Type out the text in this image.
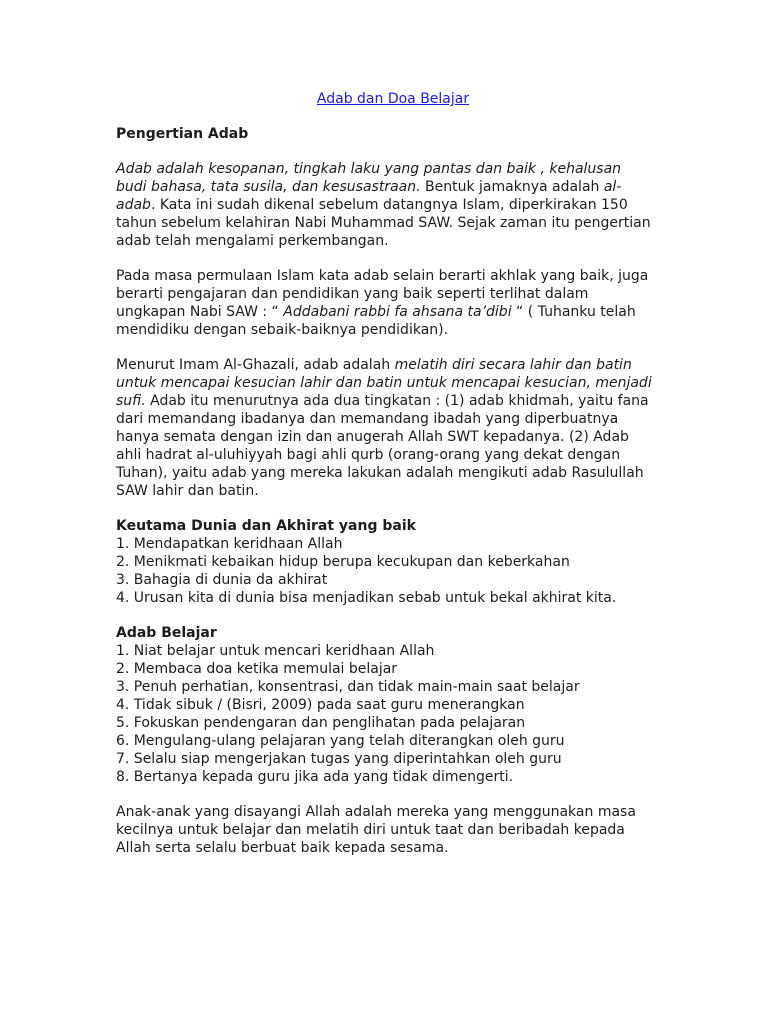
Adab dan Doa Belajar
Pengertian Adab

Adab adalah kesopanan, tingkah laku yang pantas dan baik , kehalusan budi bahasa, tata susila, dan kesusastraan. Bentuk jamaknya adalah al-adab. Kata ini sudah dikenal sebelum datangnya Islam, diperkirakan 150 tahun sebelum kelahiran Nabi Muhammad SAW. Sejak zaman itu pengertian adab telah mengalami perkembangan.

Pada masa permulaan Islam kata adab selain berarti akhlak yang baik, juga berarti pengajaran dan pendidikan yang baik seperti terlihat dalam ungkapan Nabi SAW : “ Addabani rabbi fa ahsana ta’dibi “ ( Tuhanku telah mendidiku dengan sebaik-baiknya pendidikan).

Menurut Imam Al-Ghazali, adab adalah melatih diri secara lahir dan batin untuk mencapai kesucian lahir dan batin untuk mencapai kesucian, menjadi sufi. Adab itu menurutnya ada dua tingkatan : (1) adab khidmah, yaitu fana dari memandang ibadanya dan memandang ibadah yang diperbuatnya hanya semata dengan izin dan anugerah Allah SWT kepadanya. (2) Adab ahli hadrat al-uluhiyyah bagi ahli qurb (orang-orang yang dekat dengan Tuhan), yaitu adab yang mereka lakukan adalah mengikuti adab Rasulullah SAW lahir dan batin.

Keutama Dunia dan Akhirat yang baik
1. Mendapatkan keridhaan Allah
2. Menikmati kebaikan hidup berupa kecukupan dan keberkahan
3. Bahagia di dunia da akhirat
4. Urusan kita di dunia bisa menjadikan sebab untuk bekal akhirat kita.
Adab Belajar
1. Niat belajar untuk mencari keridhaan Allah
2. Membaca doa ketika memulai belajar
3. Penuh perhatian, konsentrasi, dan tidak main-main saat belajar
4. Tidak sibuk / (Bisri, 2009) pada saat guru menerangkan
5. Fokuskan pendengaran dan penglihatan pada pelajaran
6. Mengulang-ulang pelajaran yang telah diterangkan oleh guru
7. Selalu siap mengerjakan tugas yang diperintahkan oleh guru
8. Bertanya kepada guru jika ada yang tidak dimengerti.

Anak-anak yang disayangi Allah adalah mereka yang menggunakan masa kecilnya untuk belajar dan melatih diri untuk taat dan beribadah kepada Allah serta selalu berbuat baik kepada sesama.
